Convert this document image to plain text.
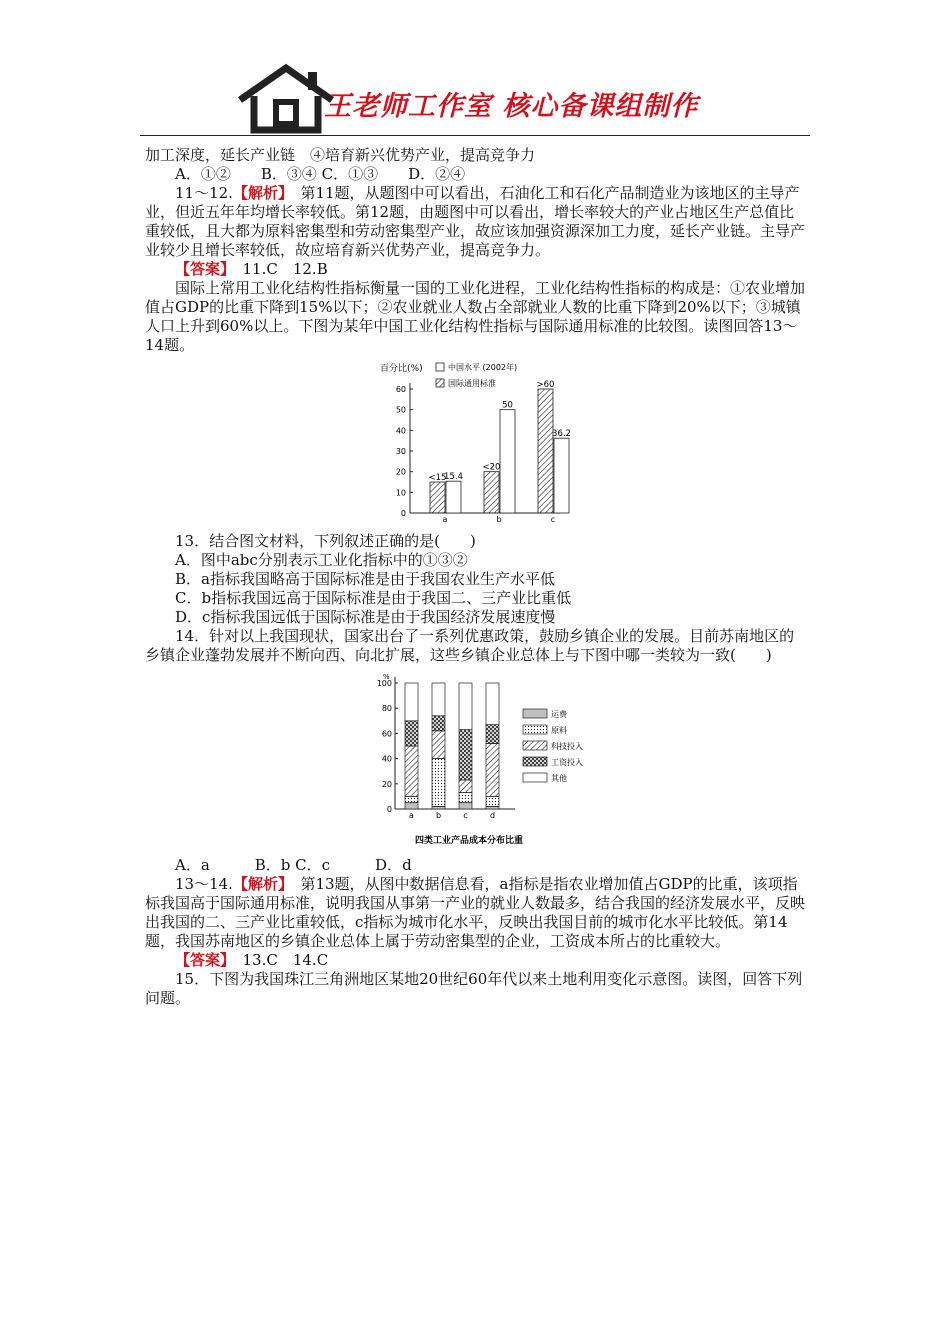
王老师工作室 核心备课组制作

加工深度，延长产业链　④培育新兴优势产业，提高竞争力

A．①②　　B．③④ C．①③　　D．②④

11～12.【解析】　第11题，从题图中可以看出，石油化工和石化产品制造业为该地区的主导产业，但近五年年均增长率较低。第12题，由题图中可以看出，增长率较大的产业占地区生产总值比重较低，且大都为原料密集型和劳动密集型产业，故应该加强资源深加工力度，延长产业链。主导产业较少且增长率较低，故应培育新兴优势产业，提高竞争力。

【答案】　11.C　12.B

国际上常用工业化结构性指标衡量一国的工业化进程，工业化结构性指标的构成是：①农业增加值占GDP的比重下降到15%以下；②农业就业人数占全部就业人数的比重下降到20%以下；③城镇人口上升到60%以上。下图为某年中国工业化结构性指标与国际通用标准的比较图。读图回答13～14题。

百分比(%)
0
10
20
30
40
50
60
中国水平 (2002年)
国际通用标准
<15
15.4
a
<20
50
b
>60
36.2
c

13．结合图文材料，下列叙述正确的是(　　)

A．图中abc分别表示工业化指标中的①③②

B．a指标我国略高于国际标准是由于我国农业生产水平低

C．b指标我国远高于国际标准是由于我国二、三产业比重低

D．c指标我国远低于国际标准是由于我国经济发展速度慢

14．针对以上我国现状，国家出台了一系列优惠政策，鼓励乡镇企业的发展。目前苏南地区的乡镇企业蓬勃发展并不断向西、向北扩展，这些乡镇企业总体上与下图中哪一类较为一致(　　)

%
0
20
40
60
80
100
a	b	c	d
运费
原料
科技投入
工资投入
其他
四类工业产品成本分布比重

A．a　　　B．b C．c　　　D．d

13～14.【解析】　第13题，从图中数据信息看，a指标是指农业增加值占GDP的比重，该项指标我国高于国际通用标准，说明我国从事第一产业的就业人数最多，结合我国的经济发展水平，反映出我国的二、三产业比重较低，c指标为城市化水平，反映出我国目前的城市化水平比较低。第14题，我国苏南地区的乡镇企业总体上属于劳动密集型的企业，工资成本所占的比重较大。

【答案】　13.C　14.C

15．下图为我国珠江三角洲地区某地20世纪60年代以来土地利用变化示意图。读图，回答下列问题。
